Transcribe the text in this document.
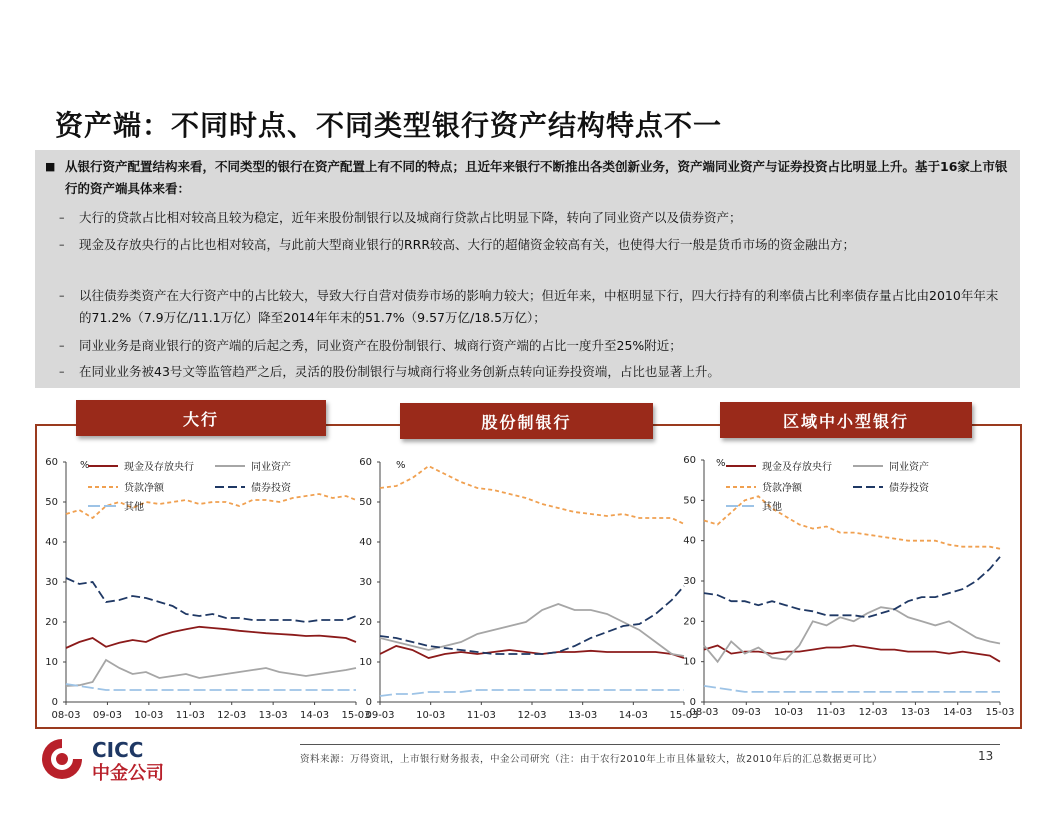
资产端：不同时点、不同类型银行资产结构特点不一
■ 从银行资产配置结构来看，不同类型的银行在资产配置上有不同的特点；且近年来银行不断推出各类创新业务，资产端同业资产与证券投资占比明显上升。基于16家上市银行的资产端具体来看：
– 大行的贷款占比相对较高且较为稳定，近年来股份制银行以及城商行贷款占比明显下降，转向了同业资产以及债券资产；
– 现金及存放央行的占比也相对较高，与此前大型商业银行的RRR较高、大行的超储资金较高有关，也使得大行一般是货币市场的资金融出方；
– 以往债券类资产在大行资产中的占比较大，导致大行自营对债券市场的影响力较大；但近年来，中枢明显下行，四大行持有的利率债占比利率债存量占比由2010年年末的71.2%（7.9万亿/11.1万亿）降至2014年年末的51.7%（9.57万亿/18.5万亿）；
– 同业业务是商业银行的资产端的后起之秀，同业资产在股份制银行、城商行资产端的占比一度升至25%附近；
– 在同业业务被43号文等监管趋严之后，灵活的股份制银行与城商行将业务创新点转向证券投资端，占比也显著上升。
0
10
20
30
40
50
60 %
08-03 09-03 10-03 11-03 12-03 13-03 14-03 15-03
现金及存放央行	同业资产
贷款净额	债券投资
其他
0
10
20
30
40
50
60 %
09-03 10-03 11-03 12-03 13-03 14-03 15-03
0
10
20
30
40
50
60 %
08-03 09-03 10-03 11-03 12-03 13-03 14-03 15-03
现金及存放央行	同业资产
贷款净额	债券投资
其他
大行	股份制银行	区域中小型银行
CICC
中金公司
资料来源：万得资讯，上市银行财务报表，中金公司研究（注：由于农行2010年上市且体量较大，故2010年后的汇总数据更可比）	13
